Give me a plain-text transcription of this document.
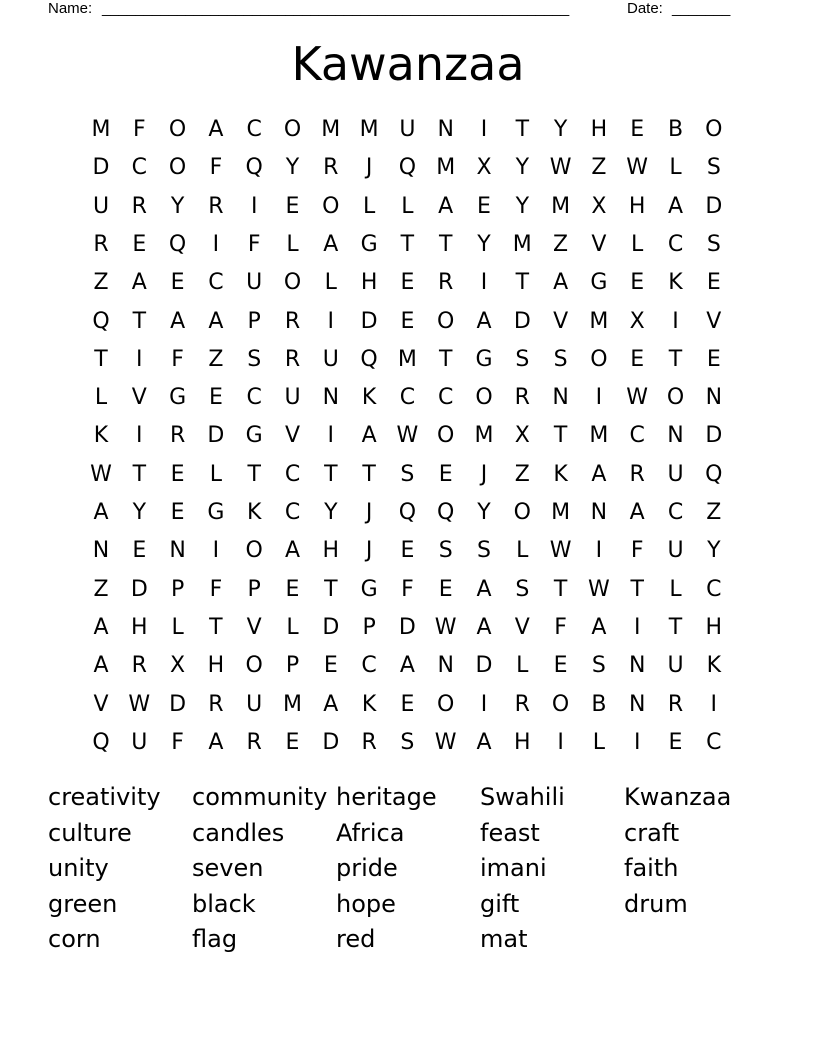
Name: ________________________________________________________	Date: _______
Kawanzaa
M	F	O	A	C O M M U	N	I	T	Y	H	E	B	O
D	C O	F	Q	Y	R	J	Q M X	Y W Z W L	S
U	R	Y	R	I	E	O	L	L	A	E	Y	M X	H	A	D
R	E	Q	I	F	L	A	G	T	T	Y	M Z	V	L	C	S
Z	A	E	C	U O	L	H	E	R	I	T	A	G	E	K	E
Q	T	A	A	P	R	I	D	E	O	A	D	V M X	I	V
T	I	F	Z	S	R	U Q M	T	G	S	S	O	E	T	E
L	V	G	E	C	U	N	K	C	C O R	N	I	W O N
K	I	R	D G	V	I	A W O M X	T	M C	N D
W T	E	L	T	C	T	T	S	E	J	Z	K	A	R	U Q
A	Y	E	G	K	C	Y	J	Q Q	Y	O M N	A	C	Z
N	E	N	I	O	A	H	J	E	S	S	L W	I	F	U	Y
Z	D	P	F	P	E	T	G	F	E	A	S	T W T	L	C
A	H	L	T	V	L	D	P	D W A	V	F	A	I	T	H
A	R	X	H O	P	E	C	A	N D	L	E	S	N	U	K
V W D	R	U M A	K	E	O	I	R O	B	N	R	I
Q U	F	A	R	E	D	R	S W A	H	I	L	I	E	C
creativity community heritage Swahili Kwanzaa
culture	candles Africa	feast	craft
unity	seven	pride	imani	faith
green	black	hope	gift	drum
corn	flag	red	mat
